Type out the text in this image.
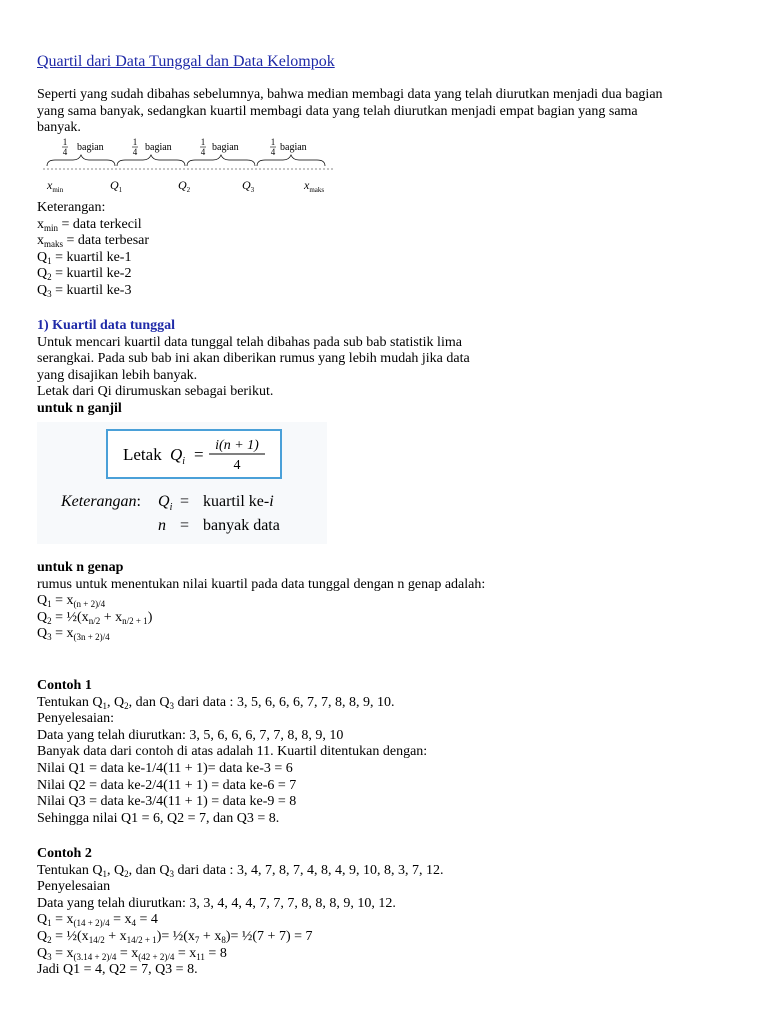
Quartil dari Data Tunggal dan Data Kelompok
Seperti yang sudah dibahas sebelumnya, bahwa median membagi data yang telah diurutkan menjadi dua bagian
yang sama banyak, sedangkan kuartil membagi data yang telah diurutkan menjadi empat bagian yang sama
banyak.
1
4 bagian	1
4 bagian	1
4 bagian	1
4 bagian
$x_{min}$	$Q_1$	$Q_2$	$Q_3$	$x_{maks}$
Keterangan:
$x_{min}$ = data terkecil
$x_{maks}$ = data terbesar
$Q_1$ = kuartil ke-1
$Q_2$ = kuartil ke-2
$Q_3$ = kuartil ke-3
1) Kuartil data tunggal
Untuk mencari kuartil data tunggal telah dibahas pada sub bab statistik lima
serangkai. Pada sub bab ini akan diberikan rumus yang lebih mudah jika data
yang disajikan lebih banyak.
Letak dari Qi dirumuskan sebagai berikut.
untuk n ganjil
Letak $Q_i = i(n + 1)$
4
Keterangan: $Q_i$ = kuartil ke-i
n = banyak data
untuk n genap
rumus untuk menentukan nilai kuartil pada data tunggal dengan n genap adalah:
$Q_1 = x_{(n + 2)/4}$
$Q_2$ = $\frac{1}{2}(x_{n/2} + x_{n/2 + 1})$
$Q_3 = x_{(3n + 2)/4}$
Contoh 1
Tentukan $Q_1$, $Q_2$, dan $Q_3$ dari data : 3, 5, 6, 6, 6, 7, 7, 8, 8, 9, 10.
Penyelesaian:
Data yang telah diurutkan: 3, 5, 6, 6, 6, 7, 7, 8, 8, 9, 10
Banyak data dari contoh di atas adalah 11. Kuartil ditentukan dengan:
Nilai Q1 = data ke-1/4(11 + 1)= data ke-3 = 6
Nilai Q2 = data ke-2/4(11 + 1) = data ke-6 = 7
Nilai Q3 = data ke-3/4(11 + 1) = data ke-9 = 8
Sehingga nilai Q1 = 6, Q2 = 7, dan Q3 = 8.
Contoh 2
Tentukan $Q_1$, $Q_2$, dan $Q_3$ dari data : 3, 4, 7, 8, 7, 4, 8, 4, 9, 10, 8, 3, 7, 12.
Penyelesaian
Data yang telah diurutkan: 3, 3, 4, 4, 4, 7, 7, 7, 8, 8, 8, 9, 10, 12.
$Q_1 = x_{(14 + 2)/4} = x_4 = 4$
$Q_2$ = $\frac{1}{2}(x_{14/2} + x_{14/2 + 1})=$ $\frac{1}{2}(x_7 + x_8)=$ ½(7 + 7) = 7
$Q_3 = x_{(3.14 + 2)/4} = x_{(42 + 2)/4} = x_{11} = 8$
Jadi Q1 = 4, Q2 = 7, Q3 = 8.
